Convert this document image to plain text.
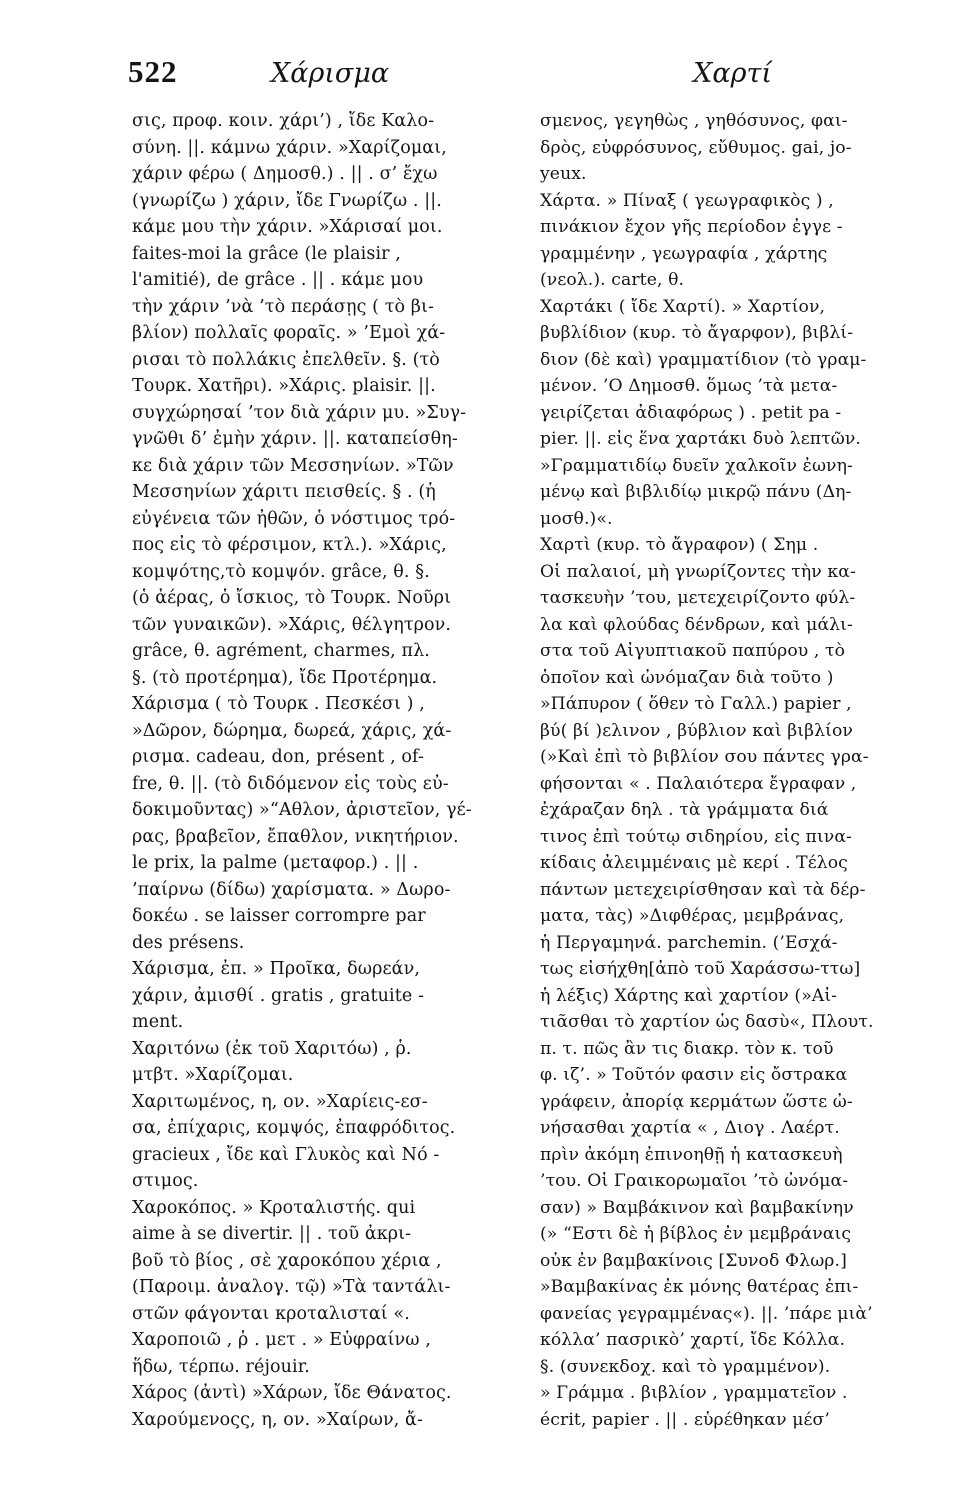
522	Χάρισμα	Χαρτί
σις, προφ. κοιν. χάρι’) , ἴδε Καλο-
σύνη. ||. κάμνω χάριν. »Χαρίζομαι,
χάριν φέρω ( Δημοσθ.) . || . σ’ ἔχω
(γνωρίζω ) χάριν, ἴδε Γνωρίζω . ||.
κάμε μου τὴν χάριν. »Χάρισαί μοι.
faites-moi la grâce (le plaisir ,
l'amitié), de grâce . || . κάμε μου
τὴν χάριν ’νὰ ’τὸ περάσῃς ( τὸ βι-
βλίον) πολλαῖς φοραῖς. » ’Εμοὶ χά-
ρισαι τὸ πολλάκις ἐπελθεῖν. §. (τὸ
Τουρκ. Χατῆρι). »Χάρις. plaisir. ||.
συγχώρησαί ’τον διὰ χάριν μυ. »Συγ-
γνῶθι δ’ ἐμὴν χάριν. ||. καταπείσθη-
κε διὰ χάριν τῶν Μεσσηνίων. »Τῶν
Μεσσηνίων χάριτι πεισθείς. § . (ἡ
εὐγένεια τῶν ἠθῶν, ὁ νόστιμος τρό-
πος εἰς τὸ φέρσιμον, κτλ.). »Χάρις,
κομψότης,τὸ κομψόν. grâce, θ. §.
(ὁ ἀέρας, ὁ ἴσκιος, τὸ Τουρκ. Νοῦρι
τῶν γυναικῶν). »Χάρις, θέλγητρον.
grâce, θ. agrément, charmes, πλ.
§. (τὸ προτέρημα), ἴδε Προτέρημα.
Χάρισμα ( τὸ Τουρκ . Πεσκέσι ) ,
»Δῶρον, δώρημα, δωρεά, χάρις, χά-
ρισμα. cadeau, don, présent , of-
fre, θ. ||. (τὸ διδόμενον εἰς τοὺς εὐ-
δοκιμοῦντας) »“Αθλον, ἀριστεῖον, γέ-
ρας, βραβεῖον, ἔπαθλον, νικητήριον.
le prix, la palme (μεταφορ.) . || .
’παίρνω (δίδω) χαρίσματα. » Δωρο-
δοκέω . se laisser corrompre par
des présens.
Χάρισμα, ἐπ. » Προῖκα, δωρεάν,
χάριν, ἀμισθί . gratis , gratuite -
ment.
Χαριτόνω (ἐκ τοῦ Χαριτόω) , ῥ.
μτβτ. »Χαρίζομαι.
Χαριτωμένος, η, ον. »Χαρίεις-εσ-
σα, ἐπίχαρις, κομψός, ἐπαφρόδιτος.
gracieux , ἴδε καὶ Γλυκὸς καὶ Νό -
στιμος.
Χαροκόπος. » Κροταλιστής. qui
aime à se divertir. || . τοῦ ἀκρι-
βοῦ τὸ βίος , σὲ χαροκόπου χέρια ,
(Παροιμ. ἀναλογ. τῷ) »Τὰ ταντάλι-
στῶν φάγονται κροταλισταί «.
Χαροποιῶ , ῥ . μετ . » Εὐφραίνω ,
ἥδω, τέρπω. réjouir.
Χάρος (ἀντὶ) »Χάρων, ἴδε Θάνατος.
Χαρούμενοςς, η, ον. »Χαίρων, ἄ-
σμενος, γεγηθὼς , γηθόσυνος, φαι-
δρὸς, εὐφρόσυνος, εὔθυμος. gai, jo-
yeux.
Χάρτα. » Πίναξ ( γεωγραφικὸς ) ,
πινάκιον ἔχον γῆς περίοδον ἐγγε -
γραμμένην , γεωγραφία , χάρτης
(νεολ.). carte, θ.
Χαρτάκι ( ἴδε Χαρτί). » Χαρτίον,
βυβλίδιον (κυρ. τὸ ἄγαρφον), βιβλί-
διον (δὲ καὶ) γραμματίδιον (τὸ γραμ-
μένον. ’Ο Δημοσθ. ὅμως ’τὰ μετα-
γειρίζεται ἀδιαφόρως ) . petit pa -
pier. ||. εἰς ἕνα χαρτάκι δυὸ λεπτῶν.
»Γραμματιδίῳ δυεῖν χαλκοῖν ἐωνη-
μένῳ καὶ βιβλιδίῳ μικρῷ πάνυ (Δη-
μοσθ.)«.
Χαρτὶ (κυρ. τὸ ἄγραφον) ( Σημ .
Οἱ παλαιοί, μὴ γνωρίζοντες τὴν κα-
τασκευὴν ’του, μετεχειρίζοντο φύλ-
λα καὶ φλούδας δένδρων, καὶ μάλι-
στα τοῦ Αἰγυπτιακοῦ παπύρου , τὸ
ὁποῖον καὶ ὠνόμαζαν διὰ τοῦτο )
»Πάπυρον ( ὅθεν τὸ Γαλλ.) papier ,
βύ( βί )ελινον , βύβλιον καὶ βιβλίον
(»Καὶ ἐπὶ τὸ βιβλίον σου πάντες γρα-
φήσονται « . Παλαιότερα ἔγραφαν ,
ἐχάραζαν δηλ . τὰ γράμματα διά
τινος ἐπὶ τούτῳ σιδηρίου, εἰς πινα-
κίδαις ἀλειμμέναις μὲ κερί . Τέλος
πάντων μετεχειρίσθησαν καὶ τὰ δέρ-
ματα, τὰς) »Διφθέρας, μεμβράνας,
ἡ Περγαμηνά. parchemin. (’Εσχά-
τως εἰσήχθη[ἀπὸ τοῦ Χαράσσω-ττω]
ἡ λέξις) Χάρτης καὶ χαρτίον (»Αἰ-
τιᾶσθαι τὸ χαρτίον ὡς δασὺ«, Πλουτ.
π. τ. πῶς ἂν τις διακρ. τὸν κ. τοῦ
φ. ιζ’. » Τοῦτόν φασιν εἰς ὄστρακα
γράφειν, ἀπορίᾳ κερμάτων ὥστε ὠ-
νήσασθαι χαρτία « , Διογ . Λαέρτ.
πρὶν ἀκόμη ἐπινοηθῇ ἡ κατασκευὴ
’του. Οἱ Γραικορωμαῖοι ’τὸ ὠνόμα-
σαν) » Βαμβάκινον καὶ βαμβακίνην
(» “Εστι δὲ ἡ βίβλος ἐν μεμβράναις
οὐκ ἐν βαμβακίνοις [Συνοδ Φλωρ.]
»Βαμβακίνας ἐκ μόνης θατέρας ἐπι-
φανείας γεγραμμένας«). ||. ’πάρε μιὰ’
κόλλα’ πασρικὸ’ χαρτί, ἴδε Κόλλα.
§. (συνεκδοχ. καὶ τὸ γραμμένον).
» Γράμμα . βιβλίον , γραμματεῖον .
écrit, papier . || . εὑρέθηκαν μέσ’
